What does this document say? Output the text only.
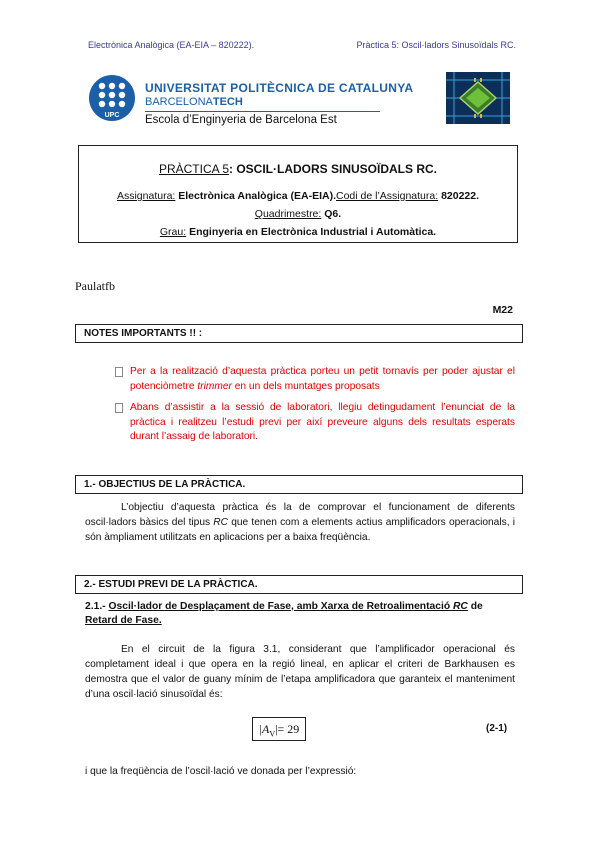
Electrònica Analògica (EA-EIA – 820222).	Pràctica 5: Oscil·ladors Sinusoïdals RC.
UPC
UNIVERSITAT POLITÈCNICA DE CATALUNYA
BARCELONATECH
Escola d’Enginyeria de Barcelona Est
PRÀCTICA 5: OSCIL·LADORS SINUSOÏDALS RC.
Assignatura: Electrònica Analògica (EA-EIA).Codi de l’Assignatura: 820222.
Quadrimestre: Q6.
Grau: Enginyeria en Electrònica Industrial i Automàtica.
Paulatfb
M22
NOTES IMPORTANTS !! :
Per a la realització d’aquesta pràctica porteu un petit tornavís per poder ajustar el potenciòmetre trimmer en un dels muntatges proposats
Abans d’assistir a la sessió de laboratori, llegiu detingudament l’enunciat de la pràctica i realitzeu l’estudi previ per així preveure alguns dels resultats esperats durant l’assaig de laboratori.
1.- OBJECTIUS DE LA PRÀCTICA.
L’objectiu d’aquesta pràctica és la de comprovar el funcionament de diferents oscil·ladors bàsics del tipus RC que tenen com a elements actius amplificadors operacionals, i són àmpliament utilitzats en aplicacions per a baixa freqüència.
2.- ESTUDI PREVI DE LA PRÀCTICA.
2.1.- Oscil·lador de Desplaçament de Fase, amb Xarxa de Retroalimentació RC de Retard de Fase.
En el circuit de la figura 3.1, considerant que l’amplificador operacional és completament ideal i que opera en la regió lineal, en aplicar el criteri de Barkhausen es demostra que el valor de guany mínim de l’etapa amplificadora que garanteix el manteniment d’una oscil·lació sinusoïdal és:
$|A_V|= 29$	(2-1)
i que la freqüència de l’oscil·lació ve donada per l’expressió:
